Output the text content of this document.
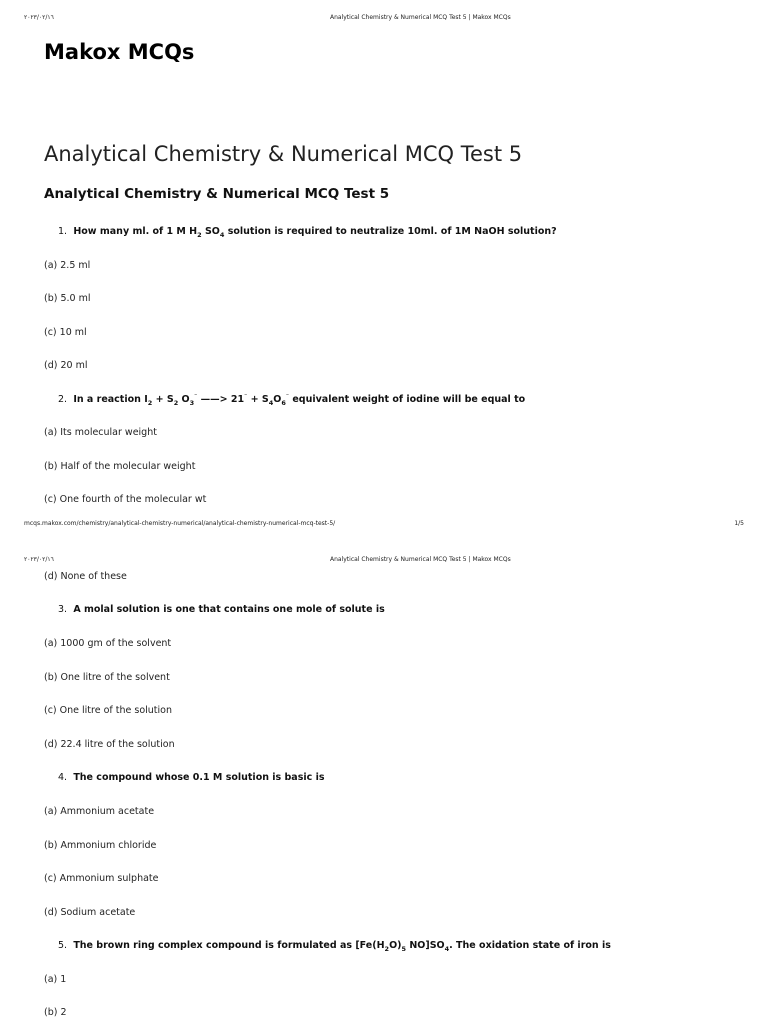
٢٠٢٣/٠٢/١٦	Analytical Chemistry & Numerical MCQ Test 5 | Makox MCQs
Makox MCQs
Analytical Chemistry & Numerical MCQ Test 5
Analytical Chemistry & Numerical MCQ Test 5
1. How many ml. of 1 M $H_2$ $SO_4$ solution is required to neutralize 10ml. of 1M NaOH solution?
(a) 2.5 ml
(b) 5.0 ml
(c) 10 ml
(d) 20 ml
2. In a reaction $I_2 + S_2$ $O_3^{^-}$ ——> $21^{^-} + S_4O_6^{^-}$ equivalent weight of iodine will be equal to
(a) Its molecular weight
(b) Half of the molecular weight
(c) One fourth of the molecular wt
mcqs.makox.com/chemistry/analytical-chemistry-numerical/analytical-chemistry-numerical-mcq-test-5/	1/5
٢٠٢٣/٠٢/١٦	Analytical Chemistry & Numerical MCQ Test 5 | Makox MCQs
(d) None of these
3. A molal solution is one that contains one mole of solute is
(a) 1000 gm of the solvent
(b) One litre of the solvent
(c) One litre of the solution
(d) 22.4 litre of the solution
4. The compound whose 0.1 M solution is basic is
(a) Ammonium acetate
(b) Ammonium chloride
(c) Ammonium sulphate
(d) Sodium acetate
5. The brown ring complex compound is formulated as [$Fe(H_2O)_5$ $NO]SO_4$. The oxidation state of iron is
(a) 1
(b) 2
